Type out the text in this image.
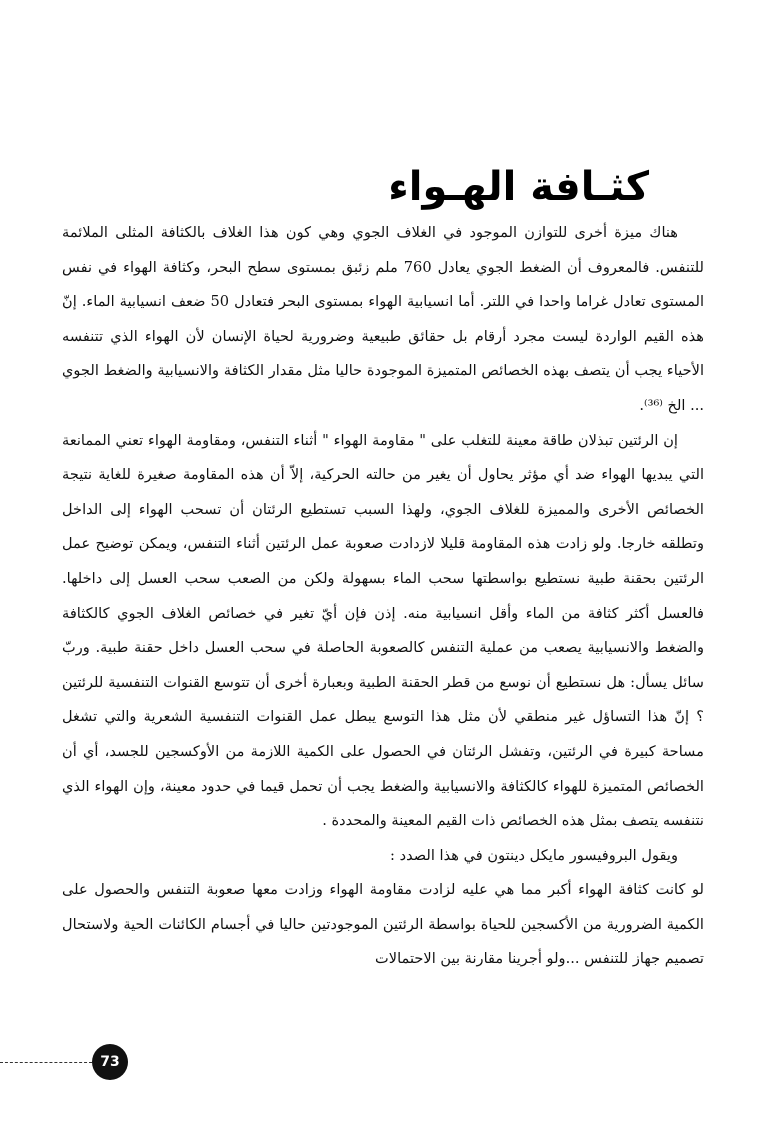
كثـافة الهـواء

هناك ميزة أخرى للتوازن الموجود في الغلاف الجوي وهي كون هذا الغلاف بالكثافة المثلى الملائمة للتنفس. فالمعروف أن الضغط الجوي يعادل 760 ملم زئبق بمستوى سطح البحر، وكثافة الهواء في نفس المستوى تعادل غراما واحدا في اللتر. أما انسيابية الهواء بمستوى البحر فتعادل 50 ضعف انسيابية الماء. إنّ هذه القيم الواردة ليست مجرد أرقام بل حقائق طبيعية وضرورية لحياة الإنسان لأن الهواء الذي تتنفسه الأحياء يجب أن يتصف بهذه الخصائص المتميزة الموجودة حاليا مثل مقدار الكثافة والانسيابية والضغط الجوي ... الخ ⁽³⁶⁾.

إن الرئتين تبذلان طاقة معينة للتغلب على " مقاومة الهواء " أثناء التنفس، ومقاومة الهواء تعني الممانعة التي يبديها الهواء ضد أي مؤثر يحاول أن يغير من حالته الحركية، إلاّ أن هذه المقاومة صغيرة للغاية نتيجة الخصائص الأخرى والمميزة للغلاف الجوي، ولهذا السبب تستطيع الرئتان أن تسحب الهواء إلى الداخل وتطلقه خارجا. ولو زادت هذه المقاومة قليلا لازدادت صعوبة عمل الرئتين أثناء التنفس، ويمكن توضيح عمل الرئتين بحقنة طبية نستطيع بواسطتها سحب الماء بسهولة ولكن من الصعب سحب العسل إلى داخلها. فالعسل أكثر كثافة من الماء وأقل انسيابية منه. إذن فإن أيّ تغير في خصائص الغلاف الجوي كالكثافة والضغط والانسيابية يصعب من عملية التنفس كالصعوبة الحاصلة في سحب العسل داخل حقنة طبية. وربّ سائل يسأل: هل نستطيع أن نوسع من قطر الحقنة الطبية وبعبارة أخرى أن تتوسع القنوات التنفسية للرئتين ؟ إنّ هذا التساؤل غير منطقي لأن مثل هذا التوسع يبطل عمل القنوات التنفسية الشعرية والتي تشغل مساحة كبيرة في الرئتين، وتفشل الرئتان في الحصول على الكمية اللازمة من الأوكسجين للجسد، أي أن الخصائص المتميزة للهواء كالكثافة والانسيابية والضغط يجب أن تحمل قيما في حدود معينة، وإن الهواء الذي نتنفسه يتصف بمثل هذه الخصائص ذات القيم المعينة والمحددة .

ويقول البروفيسور مايكل دينتون في هذا الصدد :

لو كانت كثافة الهواء أكبر مما هي عليه لزادت مقاومة الهواء وزادت معها صعوبة التنفس والحصول على الكمية الضرورية من الأكسجين للحياة بواسطة الرئتين الموجودتين حاليا في أجسام الكائنات الحية ولاستحال تصميم جهاز للتنفس ...ولو أجرينا مقارنة بين الاحتمالات

73
